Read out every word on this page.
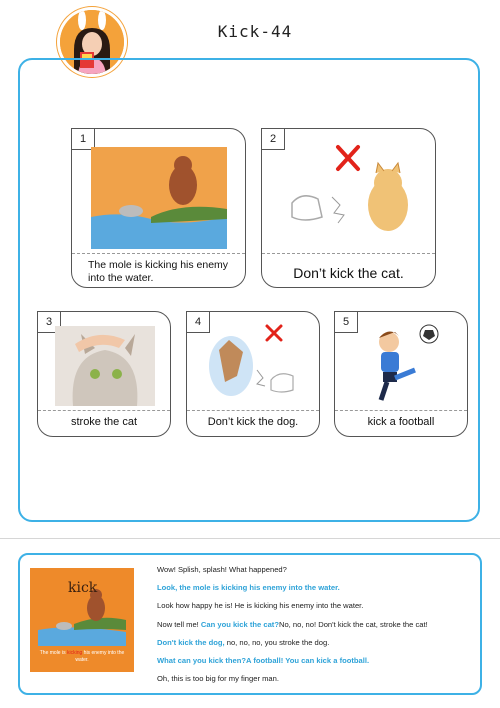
Kick-44
1
The mole is kicking his enemy into the water.
2
Don’t kick the cat.
3
stroke the cat
4
Don’t kick the dog.
5
kick a football
kick
The mole is kicking his enemy into the water.
Wow! Splish, splash! What happened?
Look, the mole is kicking his enemy into the water.
Look how happy he is! He is kicking his enemy into the water.
Now tell me! Can you kick the cat?No, no, no! Don't kick the cat, stroke the cat!
Don't kick the dog, no, no, no, you stroke the dog.
What can you kick then?A football! You can kick a football.
Oh, this is too big for my finger man.
